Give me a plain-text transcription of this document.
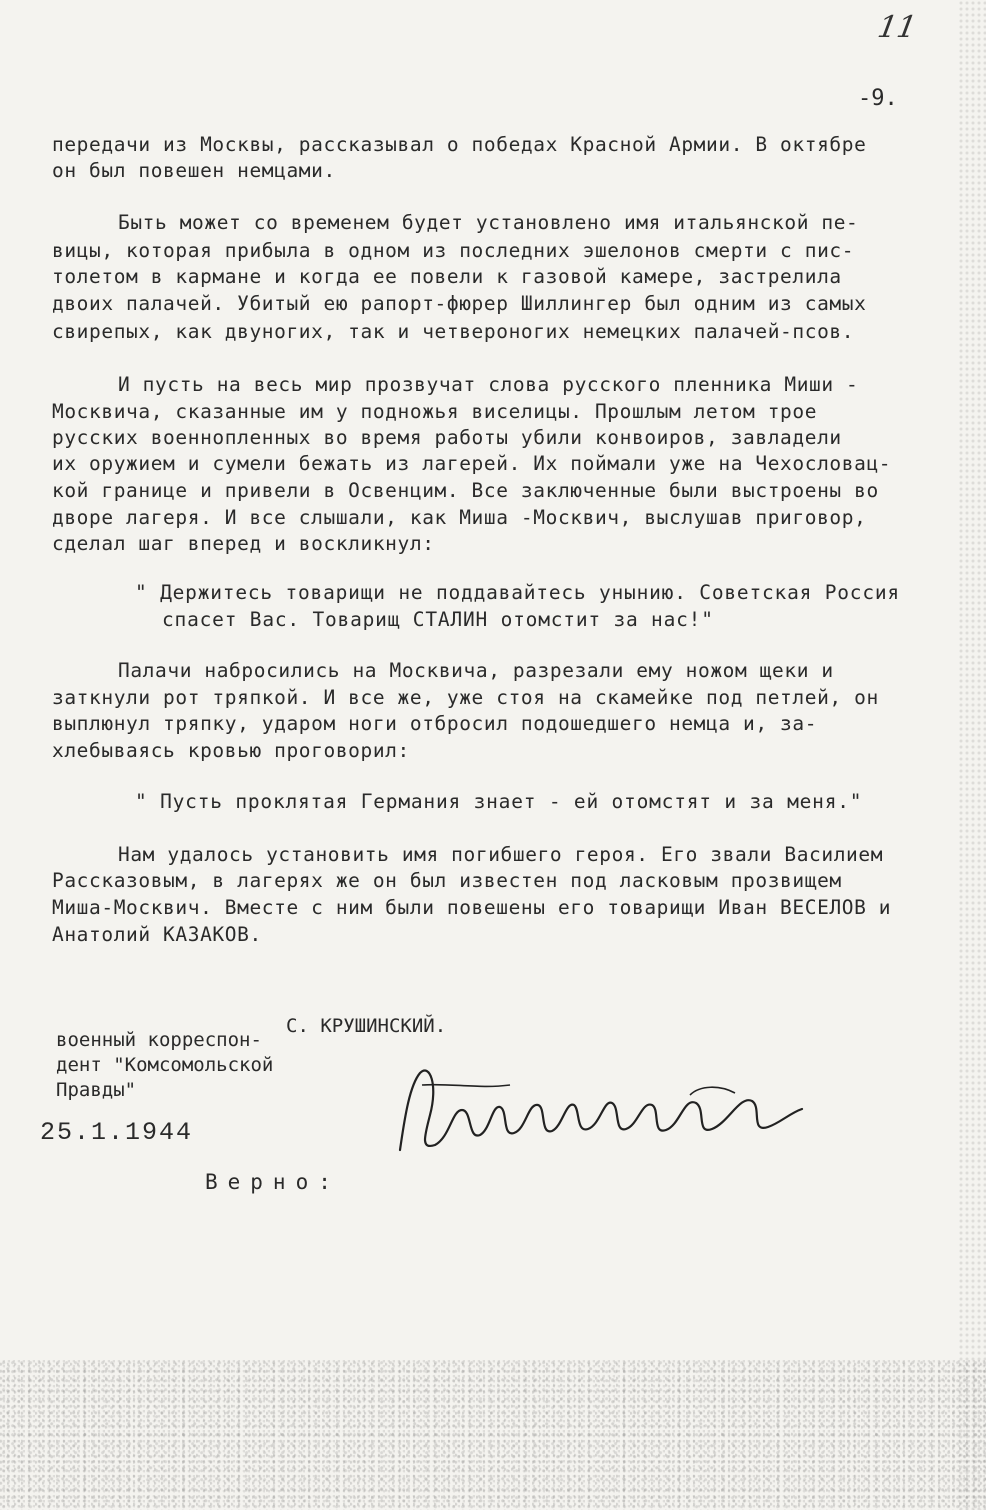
11
-9.
передачи из Москвы, рассказывал о победах Красной Армии. В октябре
он был повешен немцами.
Быть может со временем будет установлено имя итальянской пе-
вицы, которая прибыла в одном из последних эшелонов смерти с пис-
толетом в кармане и когда ее повели к газовой камере, застрелила
двоих палачей. Убитый ею рапорт-фюрер Шиллингер был одним из самых
свирепых, как двуногих, так и четвероногих немецких палачей-псов.
И пусть на весь мир прозвучат слова русского пленника Миши -
Москвича, сказанные им у подножья виселицы. Прошлым летом трое
русских военнопленных во время работы убили конвоиров, завладели
их оружием и сумели бежать из лагерей. Их поймали уже на Чехословац-
кой границе и привели в Освенцим. Все заключенные были выстроены во
дворе лагеря. И все слышали, как Миша -Москвич, выслушав приговор,
сделал шаг вперед и воскликнул:
" Держитесь товарищи не поддавайтесь унынию. Советская Россия
спасет Вас. Товарищ СТАЛИН отомстит за нас!"
Палачи набросились на Москвича, разрезали ему ножом щеки и
заткнули рот тряпкой. И все же, уже стоя на скамейке под петлей, он
выплюнул тряпку, ударом ноги отбросил подошедшего немца и, за-
хлебываясь кровью проговорил:
" Пусть проклятая Германия знает - ей отомстят и за меня."
Нам удалось установить имя погибшего героя. Его звали Василием
Рассказовым, в лагерях же он был известен под ласковым прозвищем
Миша-Москвич. Вместе с ним были повешены его товарищи Иван ВЕСЕЛОВ и
Анатолий КАЗАКОВ.
С. КРУШИНСКИЙ.
военный корреспон-
дент "Комсомольской
Правды"
25.1.1944
Верно:
